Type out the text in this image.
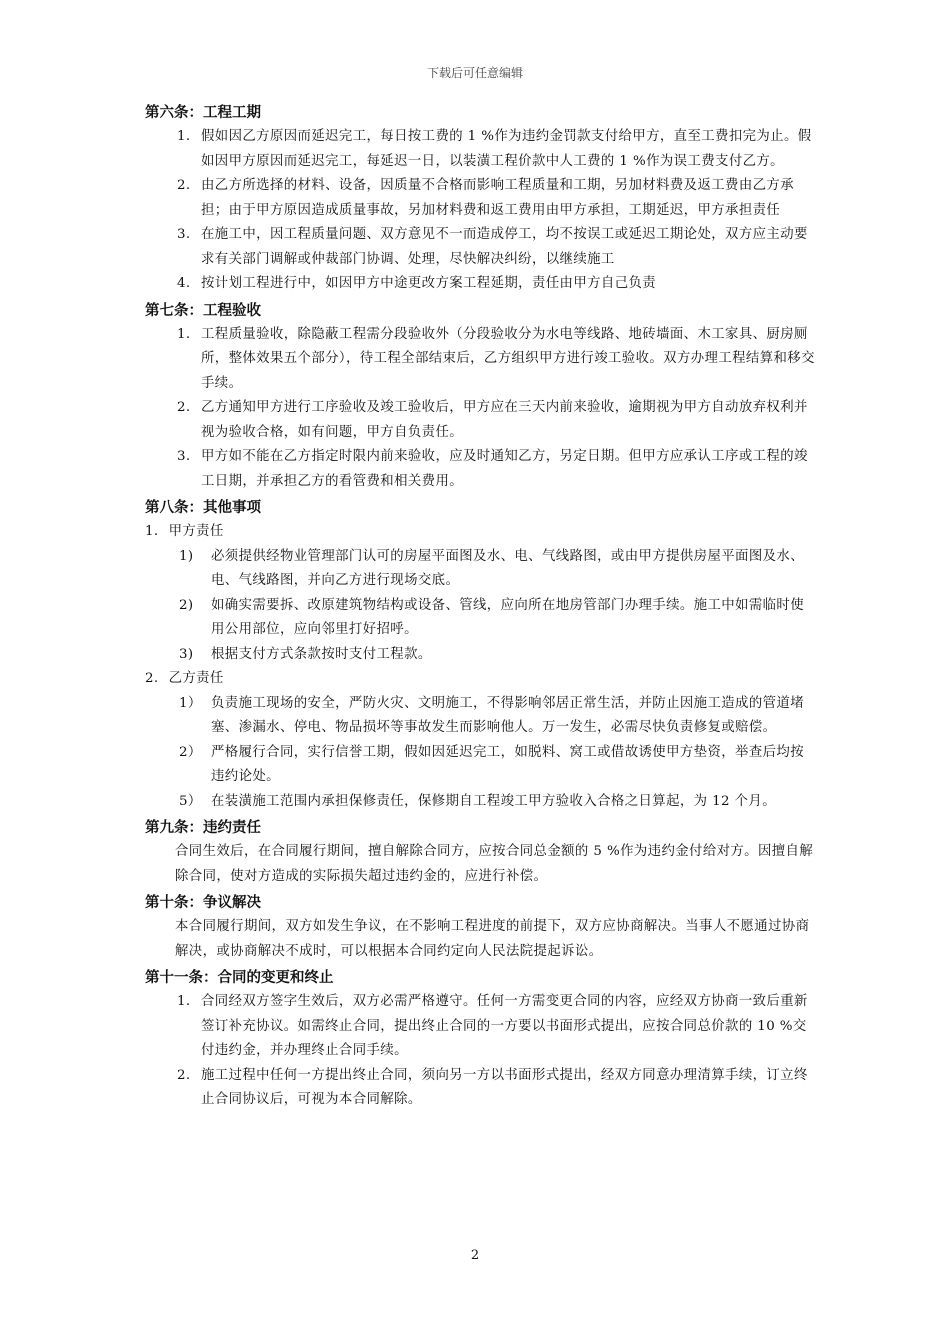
下载后可任意编辑
第六条：工程工期
1. 假如因乙方原因而延迟完工，每日按工费的 1 %作为违约金罚款支付给甲方，直至工费扣完为止。假如因甲方原因而延迟完工，每延迟一日，以装潢工程价款中人工费的 1 %作为误工费支付乙方。
2. 由乙方所选择的材料、设备，因质量不合格而影响工程质量和工期，另加材料费及返工费由乙方承担；由于甲方原因造成质量事故，另加材料费和返工费用由甲方承担，工期延迟，甲方承担责任
3. 在施工中，因工程质量问题、双方意见不一而造成停工，均不按误工或延迟工期论处，双方应主动要求有关部门调解或仲裁部门协调、处理，尽快解决纠纷，以继续施工
4. 按计划工程进行中，如因甲方中途更改方案工程延期，责任由甲方自己负责
第七条：工程验收
1. 工程质量验收，除隐蔽工程需分段验收外（分段验收分为水电等线路、地砖墙面、木工家具、厨房厕所，整体效果五个部分），待工程全部结束后，乙方组织甲方进行竣工验收。双方办理工程结算和移交手续。
2. 乙方通知甲方进行工序验收及竣工验收后，甲方应在三天内前来验收，逾期视为甲方自动放弃权利并视为验收合格，如有问题，甲方自负责任。
3. 甲方如不能在乙方指定时限内前来验收，应及时通知乙方，另定日期。但甲方应承认工序或工程的竣工日期，并承担乙方的看管费和相关费用。
第八条：其他事项
1. 甲方责任
1) 必须提供经物业管理部门认可的房屋平面图及水、电、气线路图，或由甲方提供房屋平面图及水、电、气线路图，并向乙方进行现场交底。
2) 如确实需要拆、改原建筑物结构或设备、管线，应向所在地房管部门办理手续。施工中如需临时使用公用部位，应向邻里打好招呼。
3) 根据支付方式条款按时支付工程款。
2. 乙方责任
1） 负责施工现场的安全，严防火灾、文明施工，不得影响邻居正常生活，并防止因施工造成的管道堵塞、渗漏水、停电、物品损坏等事故发生而影响他人。万一发生，必需尽快负责修复或赔偿。
2） 严格履行合同，实行信誉工期，假如因延迟完工，如脱料、窝工或借故诱使甲方垫资，举查后均按违约论处。
5） 在装潢施工范围内承担保修责任，保修期自工程竣工甲方验收入合格之日算起，为 12 个月。
第九条：违约责任
合同生效后，在合同履行期间，擅自解除合同方，应按合同总金额的 5 %作为违约金付给对方。因擅自解除合同，使对方造成的实际损失超过违约金的，应进行补偿。
第十条：争议解决
本合同履行期间，双方如发生争议，在不影响工程进度的前提下，双方应协商解决。当事人不愿通过协商解决，或协商解决不成时，可以根据本合同约定向人民法院提起诉讼。
第十一条：合同的变更和终止
1. 合同经双方签字生效后，双方必需严格遵守。任何一方需变更合同的内容，应经双方协商一致后重新签订补充协议。如需终止合同，提出终止合同的一方要以书面形式提出，应按合同总价款的 10 %交付违约金，并办理终止合同手续。
2. 施工过程中任何一方提出终止合同，须向另一方以书面形式提出，经双方同意办理清算手续，订立终止合同协议后，可视为本合同解除。
2
